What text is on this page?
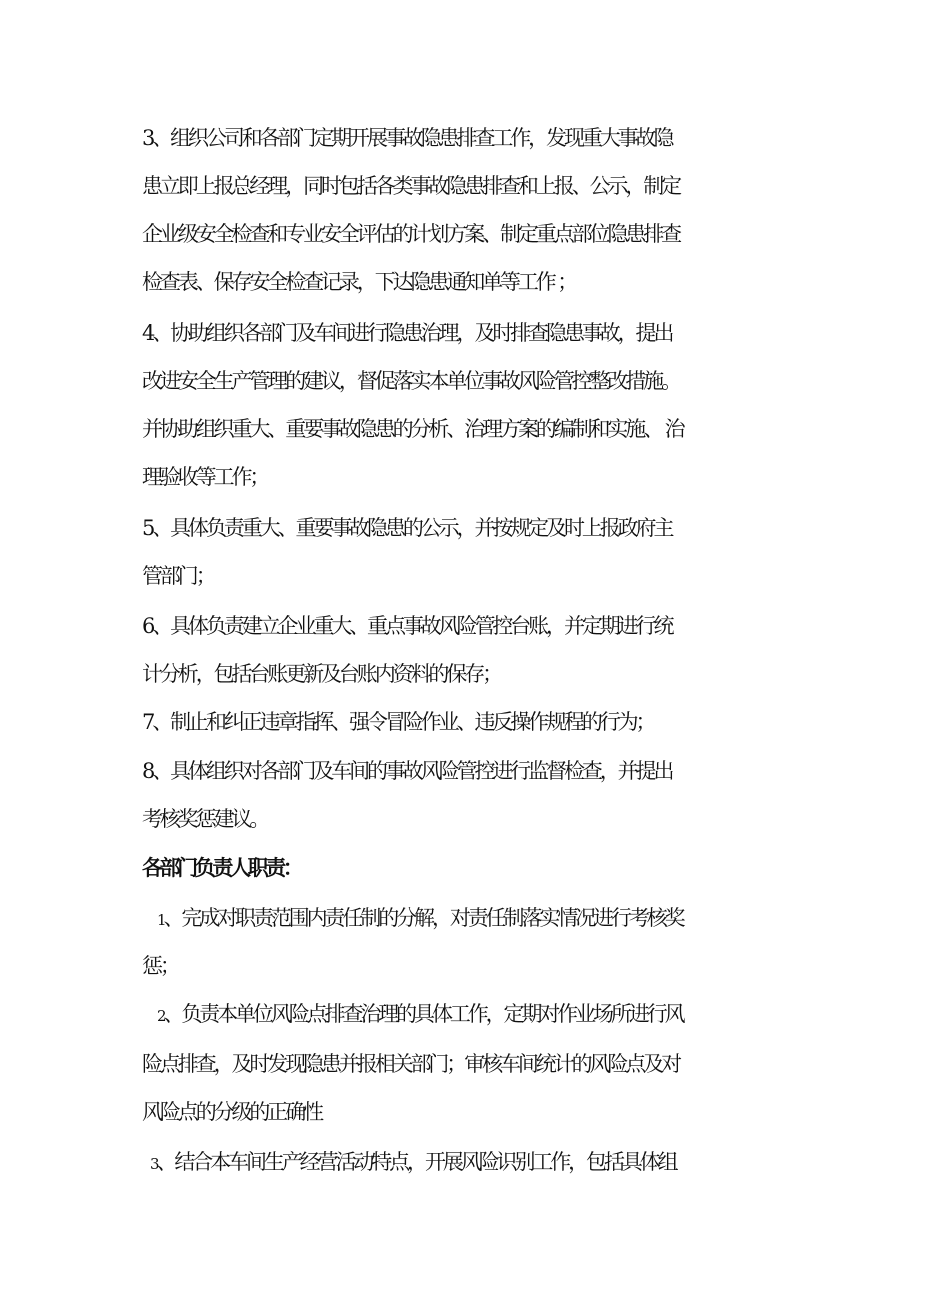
3、组织公司和各部门定期开展事故隐患排查工作，发现重大事故隐
患立即上报总经理，同时包括各类事故隐患排查和上报、公示，制定
企业级安全检查和专业安全评估的计划方案、制定重点部位隐患排查
检查表、保存安全检查记录，下达隐患通知单等工作 ；
4、协助组织各部门及车间进行隐患治理，及时排查隐患事故，提出
改进安全生产管理的建议，督促落实本单位事故风险管控整改措施。
并协助组织重大、重要事故隐患的分析、治理方案的编制和实施、 治
理验收等工作；
5、具体负责重大、重要事故隐患的公示，并按规定及时上报政府主
管部门；
6、具体负责建立企业重大、重点事故风险管控台账，并定期进行统
计分析，包括台账更新及台账内资料的保存；
7、制止和纠正违章指挥、强令冒险作业、违反操作规程的行为；
8、具体组织对各部门及车间的事故风险管控进行监督检查，并提出
考核奖惩建议。
各部门负责人职责：
1、完成对职责范围内责任制的分解，对责任制落实情况进行考核奖
惩；
2、负责本单位风险点排查治理的具体工作，定期对作业场所进行风
险点排查，及时发现隐患并报相关部门；审核车间统计的风险点及对
风险点的分级的正确性
3、结合本车间生产经营活动特点，开展风险识别工作，包括具体组
